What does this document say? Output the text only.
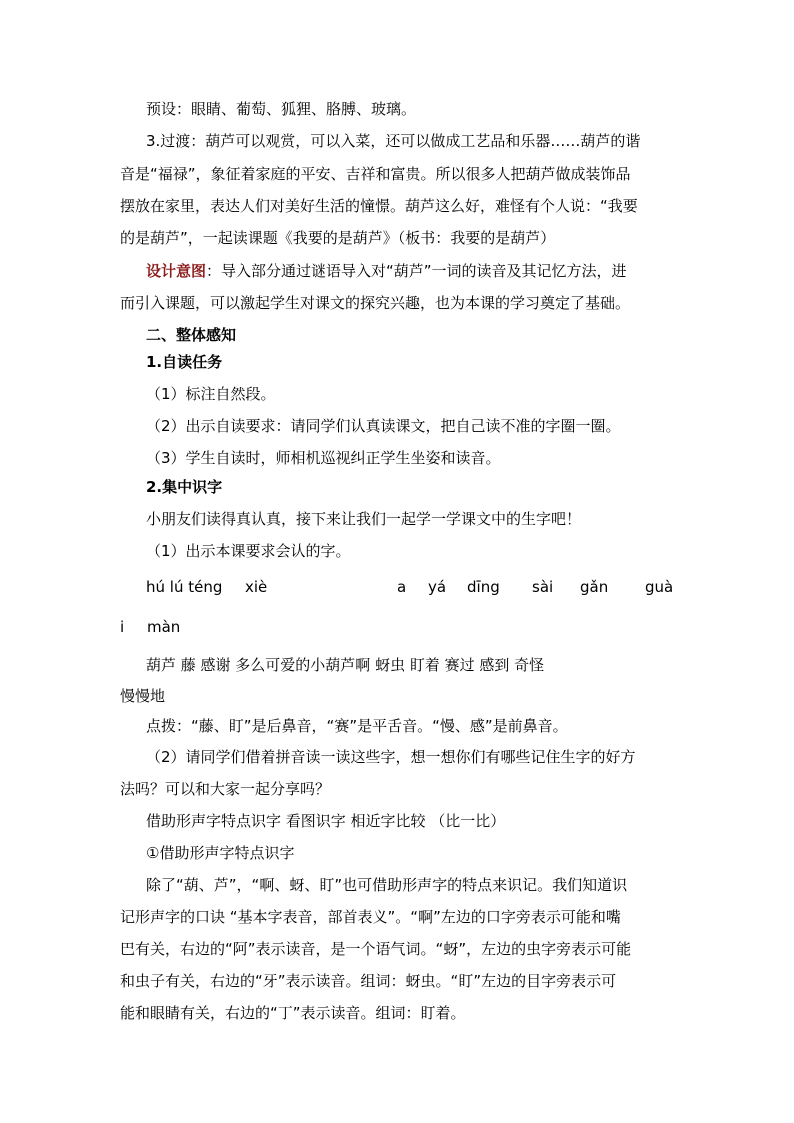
预设：眼睛、葡萄、狐狸、胳膊、玻璃。
3.过渡：葫芦可以观赏，可以入菜，还可以做成工艺品和乐器……葫芦的谐
音是“福禄”，象征着家庭的平安、吉祥和富贵。所以很多人把葫芦做成装饰品
摆放在家里，表达人们对美好生活的憧憬。葫芦这么好，难怪有个人说：“我要
的是葫芦”，一起读课题《我要的是葫芦》（板书：我要的是葫芦）
设计意图：导入部分通过谜语导入对“葫芦”一词的读音及其记忆方法，进
而引入课题，可以激起学生对课文的探究兴趣，也为本课的学习奠定了基础。
二、整体感知
1.自读任务
（1）标注自然段。
（2）出示自读要求：请同学们认真读课文，把自己读不准的字圈一圈。
（3）学生自读时，师相机巡视纠正学生坐姿和读音。
2.集中识字
小朋友们读得真认真，接下来让我们一起学一学课文中的生字吧！
（1）出示本课要求会认的字。
hú lú téng xiè	a yá dīng sài gǎn guà
i màn
葫芦 藤 感谢 多么可爱的小葫芦啊 蚜虫 盯着 赛过 感到 奇怪
慢慢地
点拨：“藤、盯”是后鼻音，“赛”是平舌音。“慢、感”是前鼻音。
（2）请同学们借着拼音读一读这些字，想一想你们有哪些记住生字的好方
法吗？可以和大家一起分享吗？
借助形声字特点识字 看图识字 相近字比较 （比一比）
①借助形声字特点识字
除了“葫、芦”，“啊、蚜、盯”也可借助形声字的特点来识记。我们知道识
记形声字的口诀 “基本字表音，部首表义”。“啊”左边的口字旁表示可能和嘴
巴有关，右边的“阿”表示读音，是一个语气词。“蚜”，左边的虫字旁表示可能
和虫子有关，右边的“牙”表示读音。组词：蚜虫。“盯”左边的目字旁表示可
能和眼睛有关，右边的“丁”表示读音。组词：盯着。
